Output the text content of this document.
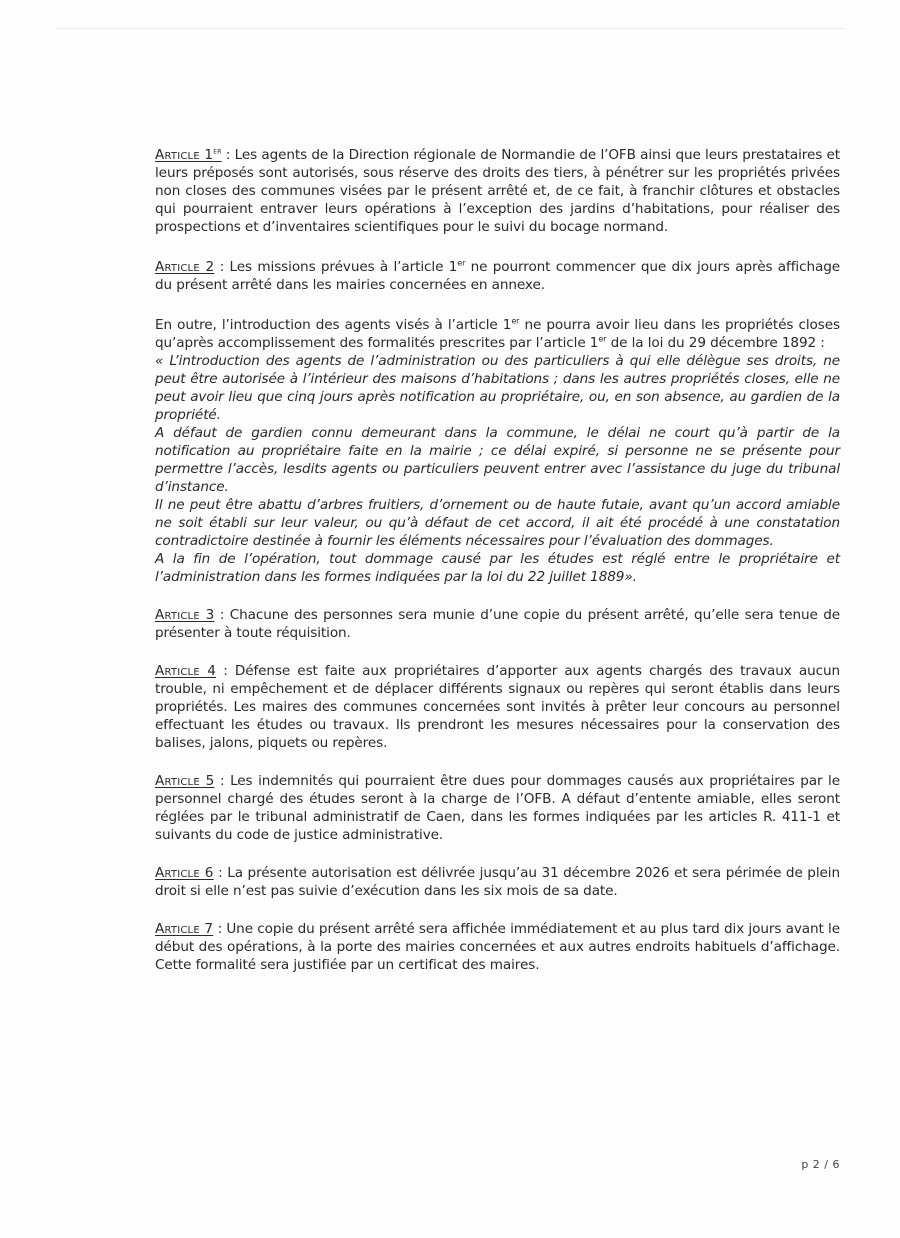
Article 1er : Les agents de la Direction régionale de Normandie de l’OFB ainsi que leurs prestataires et leurs préposés sont autorisés, sous réserve des droits des tiers, à pénétrer sur les propriétés privées non closes des communes visées par le présent arrêté et, de ce fait, à franchir clôtures et obstacles qui pourraient entraver leurs opérations à l’exception des jardins d’habitations, pour réaliser des prospections et d’inventaires scientifiques pour le suivi du bocage normand.

Article 2 : Les missions prévues à l’article 1er ne pourront commencer que dix jours après affichage du présent arrêté dans les mairies concernées en annexe.

En outre, l’introduction des agents visés à l’article 1er ne pourra avoir lieu dans les propriétés closes qu’après accomplissement des formalités prescrites par l’article 1er de la loi du 29 décembre 1892 :

« L’introduction des agents de l’administration ou des particuliers à qui elle délègue ses droits, ne peut être autorisée à l’intérieur des maisons d’habitations ; dans les autres propriétés closes, elle ne peut avoir lieu que cinq jours après notification au propriétaire, ou, en son absence, au gardien de la propriété.

A défaut de gardien connu demeurant dans la commune, le délai ne court qu’à partir de la notification au propriétaire faite en la mairie ; ce délai expiré, si personne ne se présente pour permettre l’accès, lesdits agents ou particuliers peuvent entrer avec l’assistance du juge du tribunal d’instance.

Il ne peut être abattu d’arbres fruitiers, d’ornement ou de haute futaie, avant qu’un accord amiable ne soit établi sur leur valeur, ou qu’à défaut de cet accord, il ait été procédé à une constatation contradictoire destinée à fournir les éléments nécessaires pour l’évaluation des dommages.

A la fin de l’opération, tout dommage causé par les études est réglé entre le propriétaire et l’administration dans les formes indiquées par la loi du 22 juillet 1889».

Article 3 : Chacune des personnes sera munie d’une copie du présent arrêté, qu’elle sera tenue de présenter à toute réquisition.

Article 4 : Défense est faite aux propriétaires d’apporter aux agents chargés des travaux aucun trouble, ni empêchement et de déplacer différents signaux ou repères qui seront établis dans leurs propriétés. Les maires des communes concernées sont invités à prêter leur concours au personnel effectuant les études ou travaux. Ils prendront les mesures nécessaires pour la conservation des balises, jalons, piquets ou repères.

Article 5 : Les indemnités qui pourraient être dues pour dommages causés aux propriétaires par le personnel chargé des études seront à la charge de l’OFB. A défaut d’entente amiable, elles seront réglées par le tribunal administratif de Caen, dans les formes indiquées par les articles R. 411-1 et suivants du code de justice administrative.

Article 6 : La présente autorisation est délivrée jusqu’au 31 décembre 2026 et sera périmée de plein droit si elle n’est pas suivie d’exécution dans les six mois de sa date.

Article 7 : Une copie du présent arrêté sera affichée immédiatement et au plus tard dix jours avant le début des opérations, à la porte des mairies concernées et aux autres endroits habituels d’affichage. Cette formalité sera justifiée par un certificat des maires.

p 2 / 6
